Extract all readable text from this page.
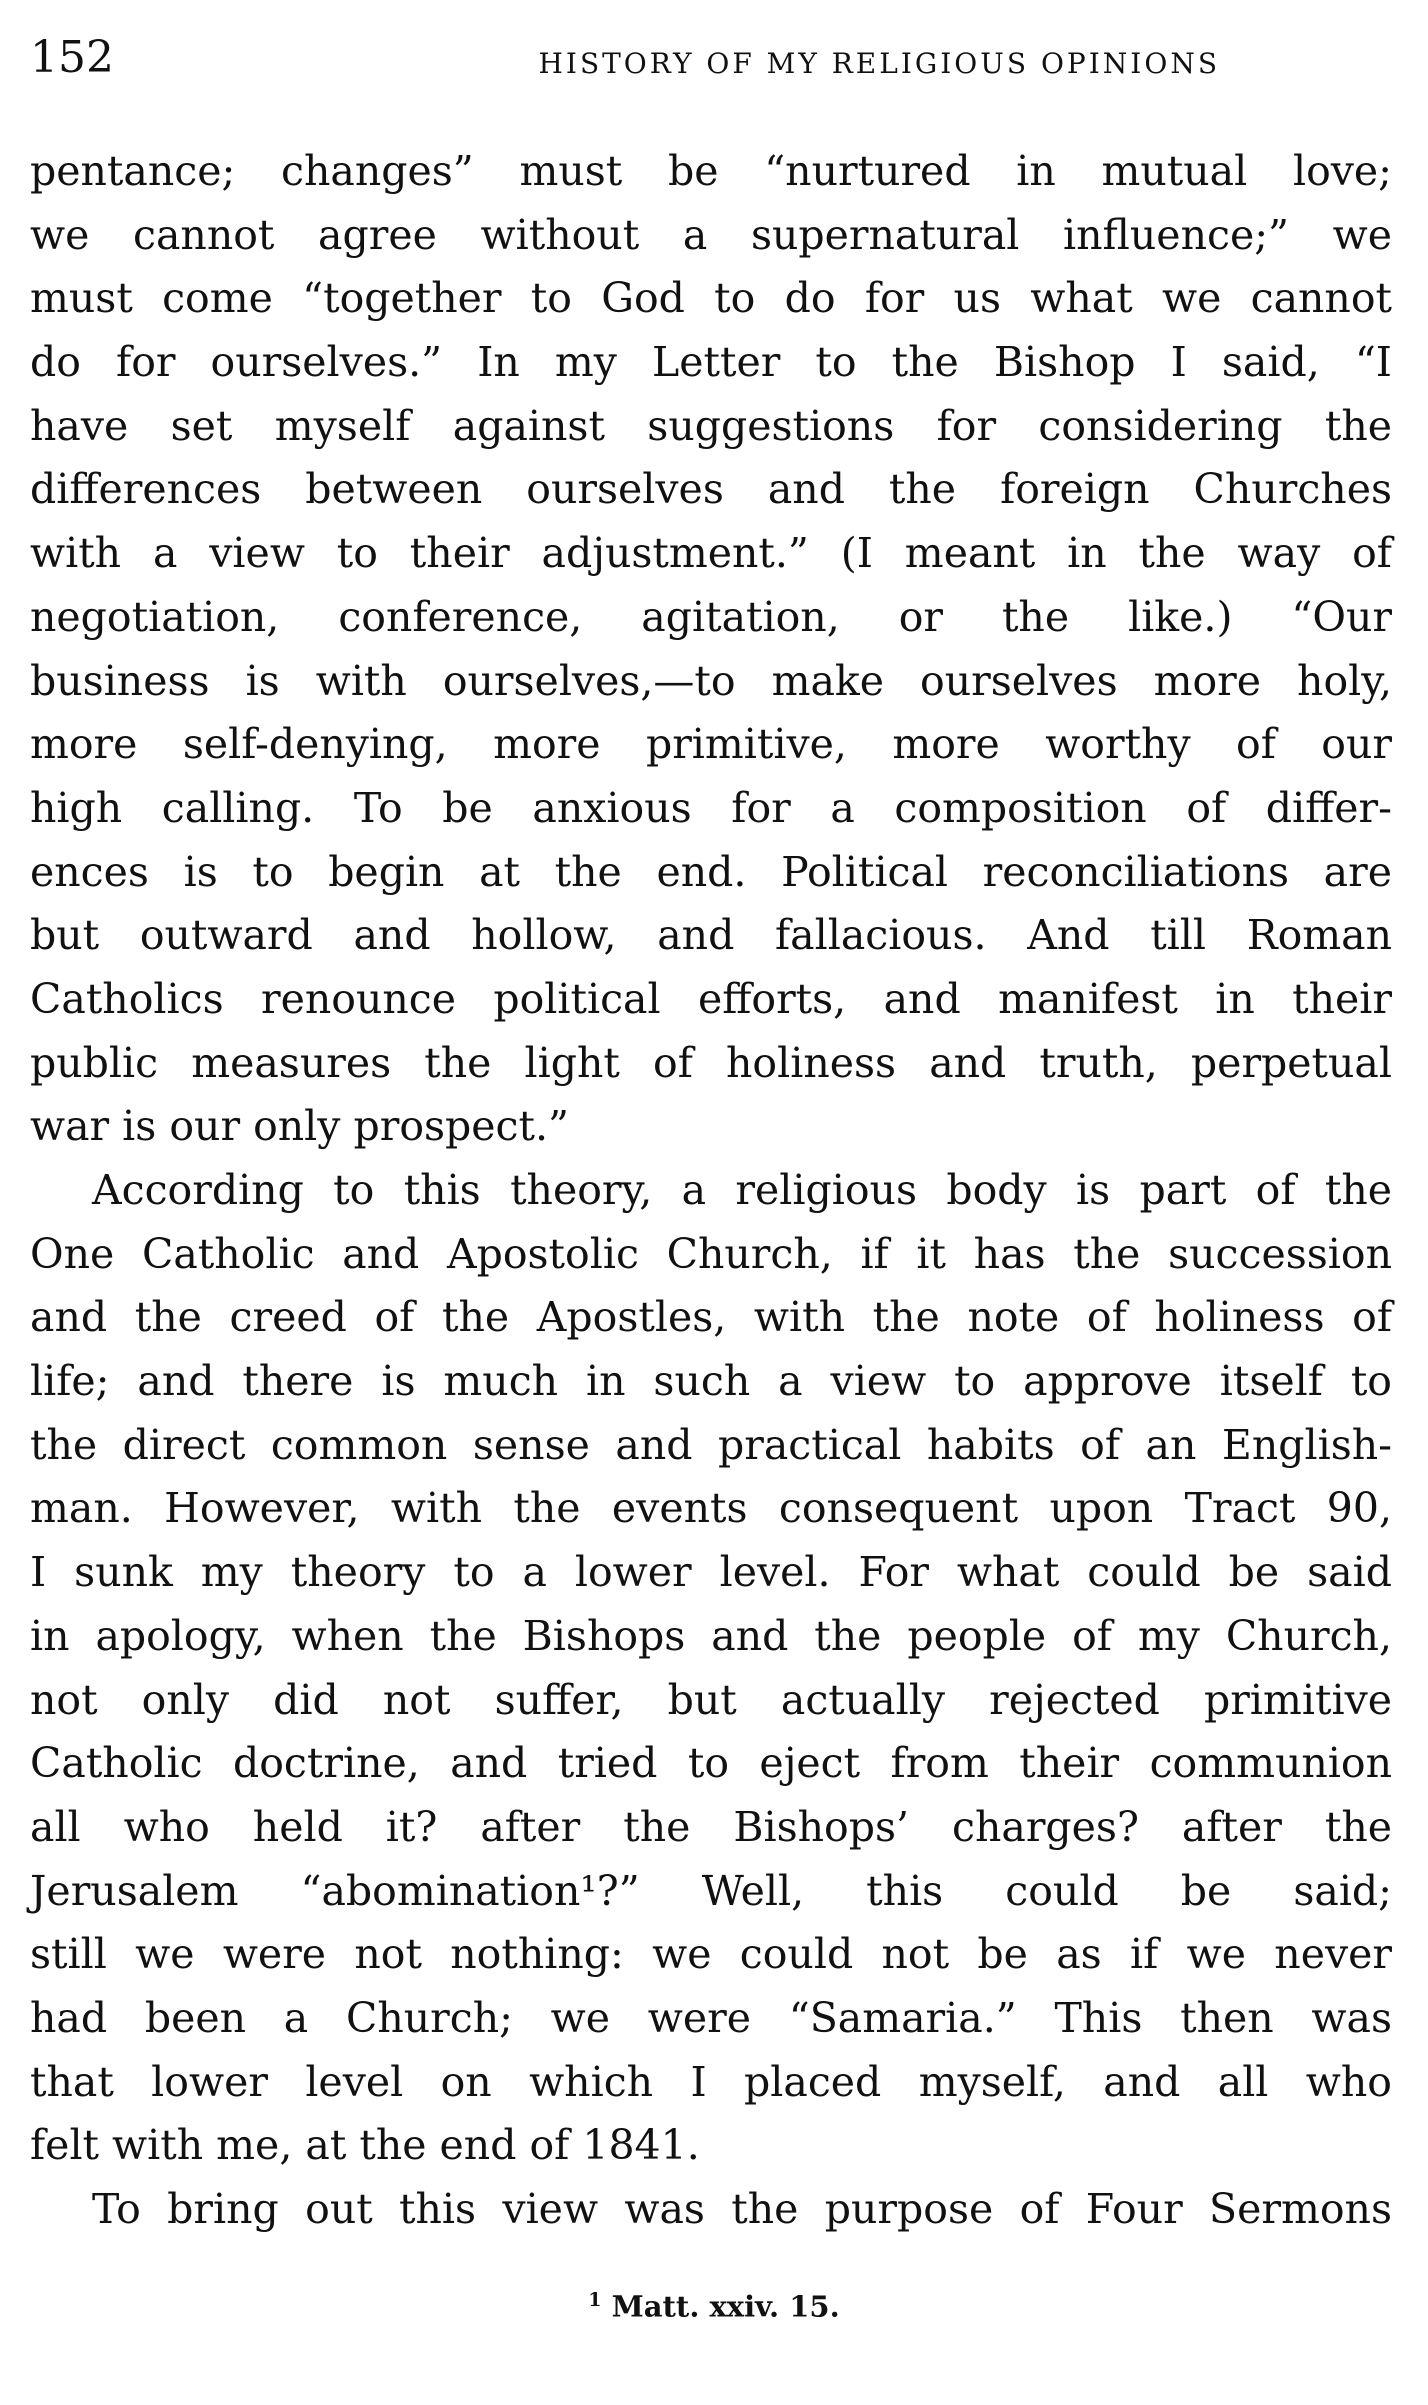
152	HISTORY OF MY RELIGIOUS OPINIONS
pentance; changes” must be “nurtured in mutual love;
we cannot agree without a supernatural influence;” we
must come “together to God to do for us what we cannot
do for ourselves.” In my Letter to the Bishop I said, “I
have set myself against suggestions for considering the
differences between ourselves and the foreign Churches
with a view to their adjustment.” (I meant in the way of
negotiation, conference, agitation, or the like.) “Our
business is with ourselves,—to make ourselves more holy,
more self-denying, more primitive, more worthy of our
high calling. To be anxious for a composition of differ-
ences is to begin at the end. Political reconciliations are
but outward and hollow, and fallacious. And till Roman
Catholics renounce political efforts, and manifest in their
public measures the light of holiness and truth, perpetual
war is our only prospect.”
According to this theory, a religious body is part of the
One Catholic and Apostolic Church, if it has the succession
and the creed of the Apostles, with the note of holiness of
life; and there is much in such a view to approve itself to
the direct common sense and practical habits of an English-
man. However, with the events consequent upon Tract 90,
I sunk my theory to a lower level. For what could be said
in apology, when the Bishops and the people of my Church,
not only did not suffer, but actually rejected primitive
Catholic doctrine, and tried to eject from their communion
all who held it? after the Bishops’ charges? after the
Jerusalem “abomination¹?” Well, this could be said;
still we were not nothing: we could not be as if we never
had been a Church; we were “Samaria.” This then was
that lower level on which I placed myself, and all who
felt with me, at the end of 1841.
To bring out this view was the purpose of Four Sermons
$^1$ Matt. xxiv. 15.
